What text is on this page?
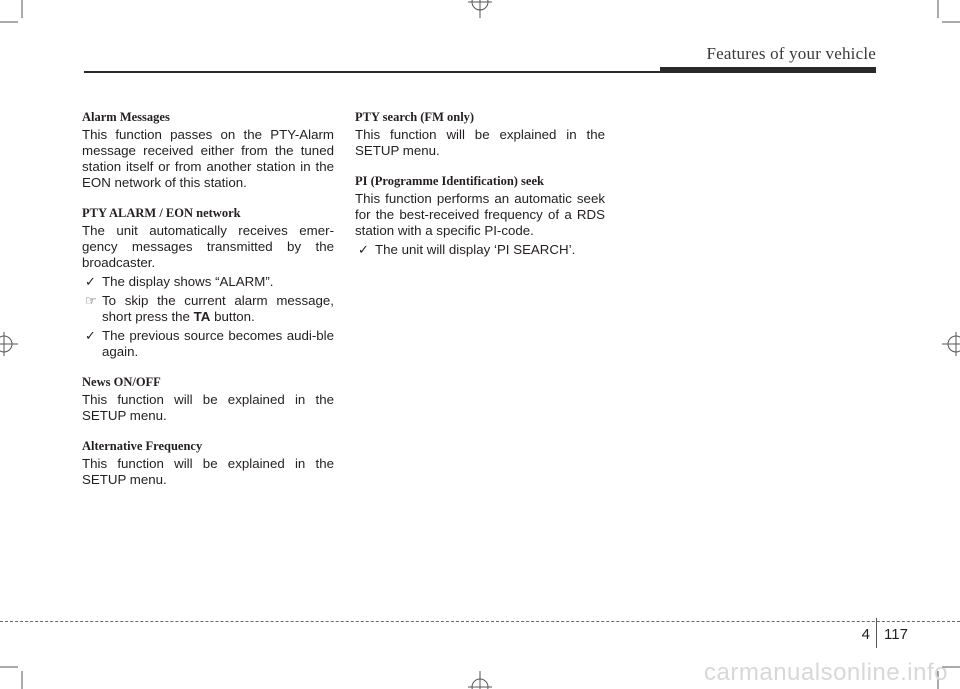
Features of your vehicle
Alarm Messages
This function passes on the PTY-Alarm message received either from the tuned station itself or from another station in the EON network of this station.
PTY ALARM / EON network
The unit automatically receives emer-gency messages transmitted by the broadcaster.
✓ The display shows “ALARM”.
☞ To skip the current alarm message, short press the TA button.
✓ The previous source becomes audi-ble again.
News ON/OFF
This function will be explained in the SETUP menu.
Alternative Frequency
This function will be explained in the SETUP menu.
PTY search (FM only)
This function will be explained in the SETUP menu.
PI (Programme Identification) seek
This function performs an automatic seek for the best-received frequency of a RDS station with a specific PI-code.
✓ The unit will display ‘PI SEARCH’.
4 117
carmanualsonline.info
